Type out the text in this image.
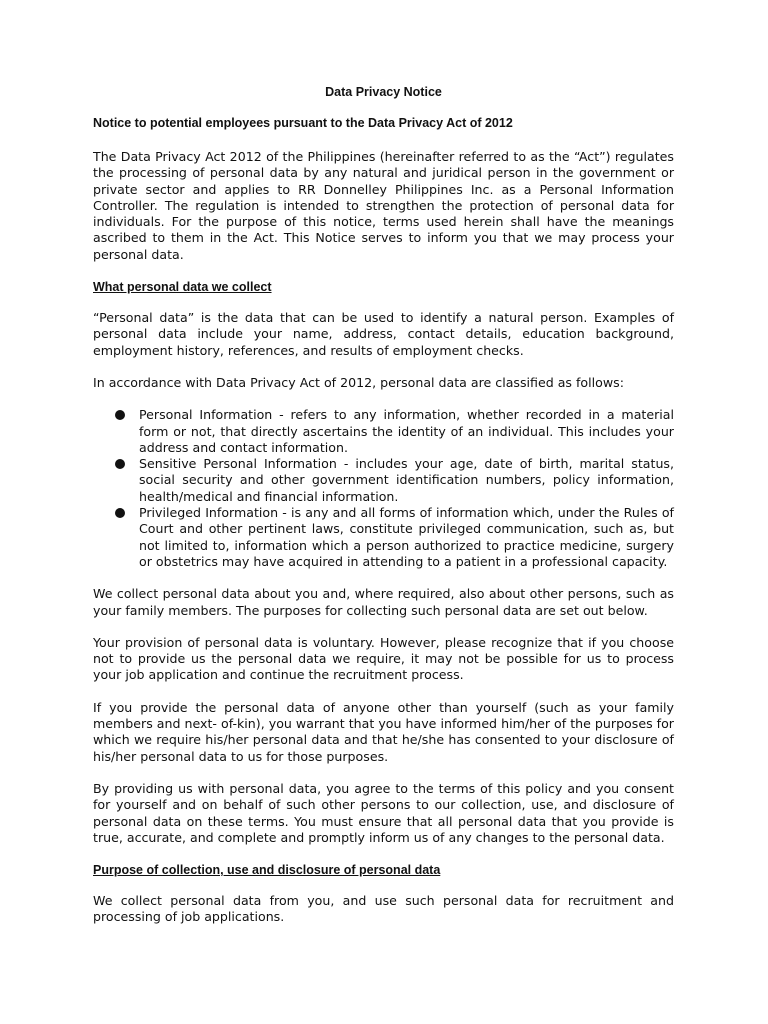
Data Privacy Notice
Notice to potential employees pursuant to the Data Privacy Act of 2012

The Data Privacy Act 2012 of the Philippines (hereinafter referred to as the “Act”) regulates the processing of personal data by any natural and juridical person in the government or private sector and applies to RR Donnelley Philippines Inc. as a Personal Information Controller. The regulation is intended to strengthen the protection of personal data for individuals. For the purpose of this notice, terms used herein shall have the meanings ascribed to them in the Act. This Notice serves to inform you that we may process your personal data.

What personal data we collect

“Personal data” is the data that can be used to identify a natural person. Examples of personal data include your name, address, contact details, education background, employment history, references, and results of employment checks.

In accordance with Data Privacy Act of 2012, personal data are classified as follows:

Personal Information - refers to any information, whether recorded in a material form or not, that directly ascertains the identity of an individual. This includes your address and contact information.
Sensitive Personal Information - includes your age, date of birth, marital status, social security and other government identification numbers, policy information, health/medical and financial information.
Privileged Information - is any and all forms of information which, under the Rules of Court and other pertinent laws, constitute privileged communication, such as, but not limited to, information which a person authorized to practice medicine, surgery or obstetrics may have acquired in attending to a patient in a professional capacity.

We collect personal data about you and, where required, also about other persons, such as your family members. The purposes for collecting such personal data are set out below.

Your provision of personal data is voluntary. However, please recognize that if you choose not to provide us the personal data we require, it may not be possible for us to process your job application and continue the recruitment process.

If you provide the personal data of anyone other than yourself (such as your family members and next- of-kin), you warrant that you have informed him/her of the purposes for which we require his/her personal data and that he/she has consented to your disclosure of his/her personal data to us for those purposes.

By providing us with personal data, you agree to the terms of this policy and you consent for yourself and on behalf of such other persons to our collection, use, and disclosure of personal data on these terms. You must ensure that all personal data that you provide is true, accurate, and complete and promptly inform us of any changes to the personal data.

Purpose of collection, use and disclosure of personal data

We collect personal data from you, and use such personal data for recruitment and processing of job applications.
